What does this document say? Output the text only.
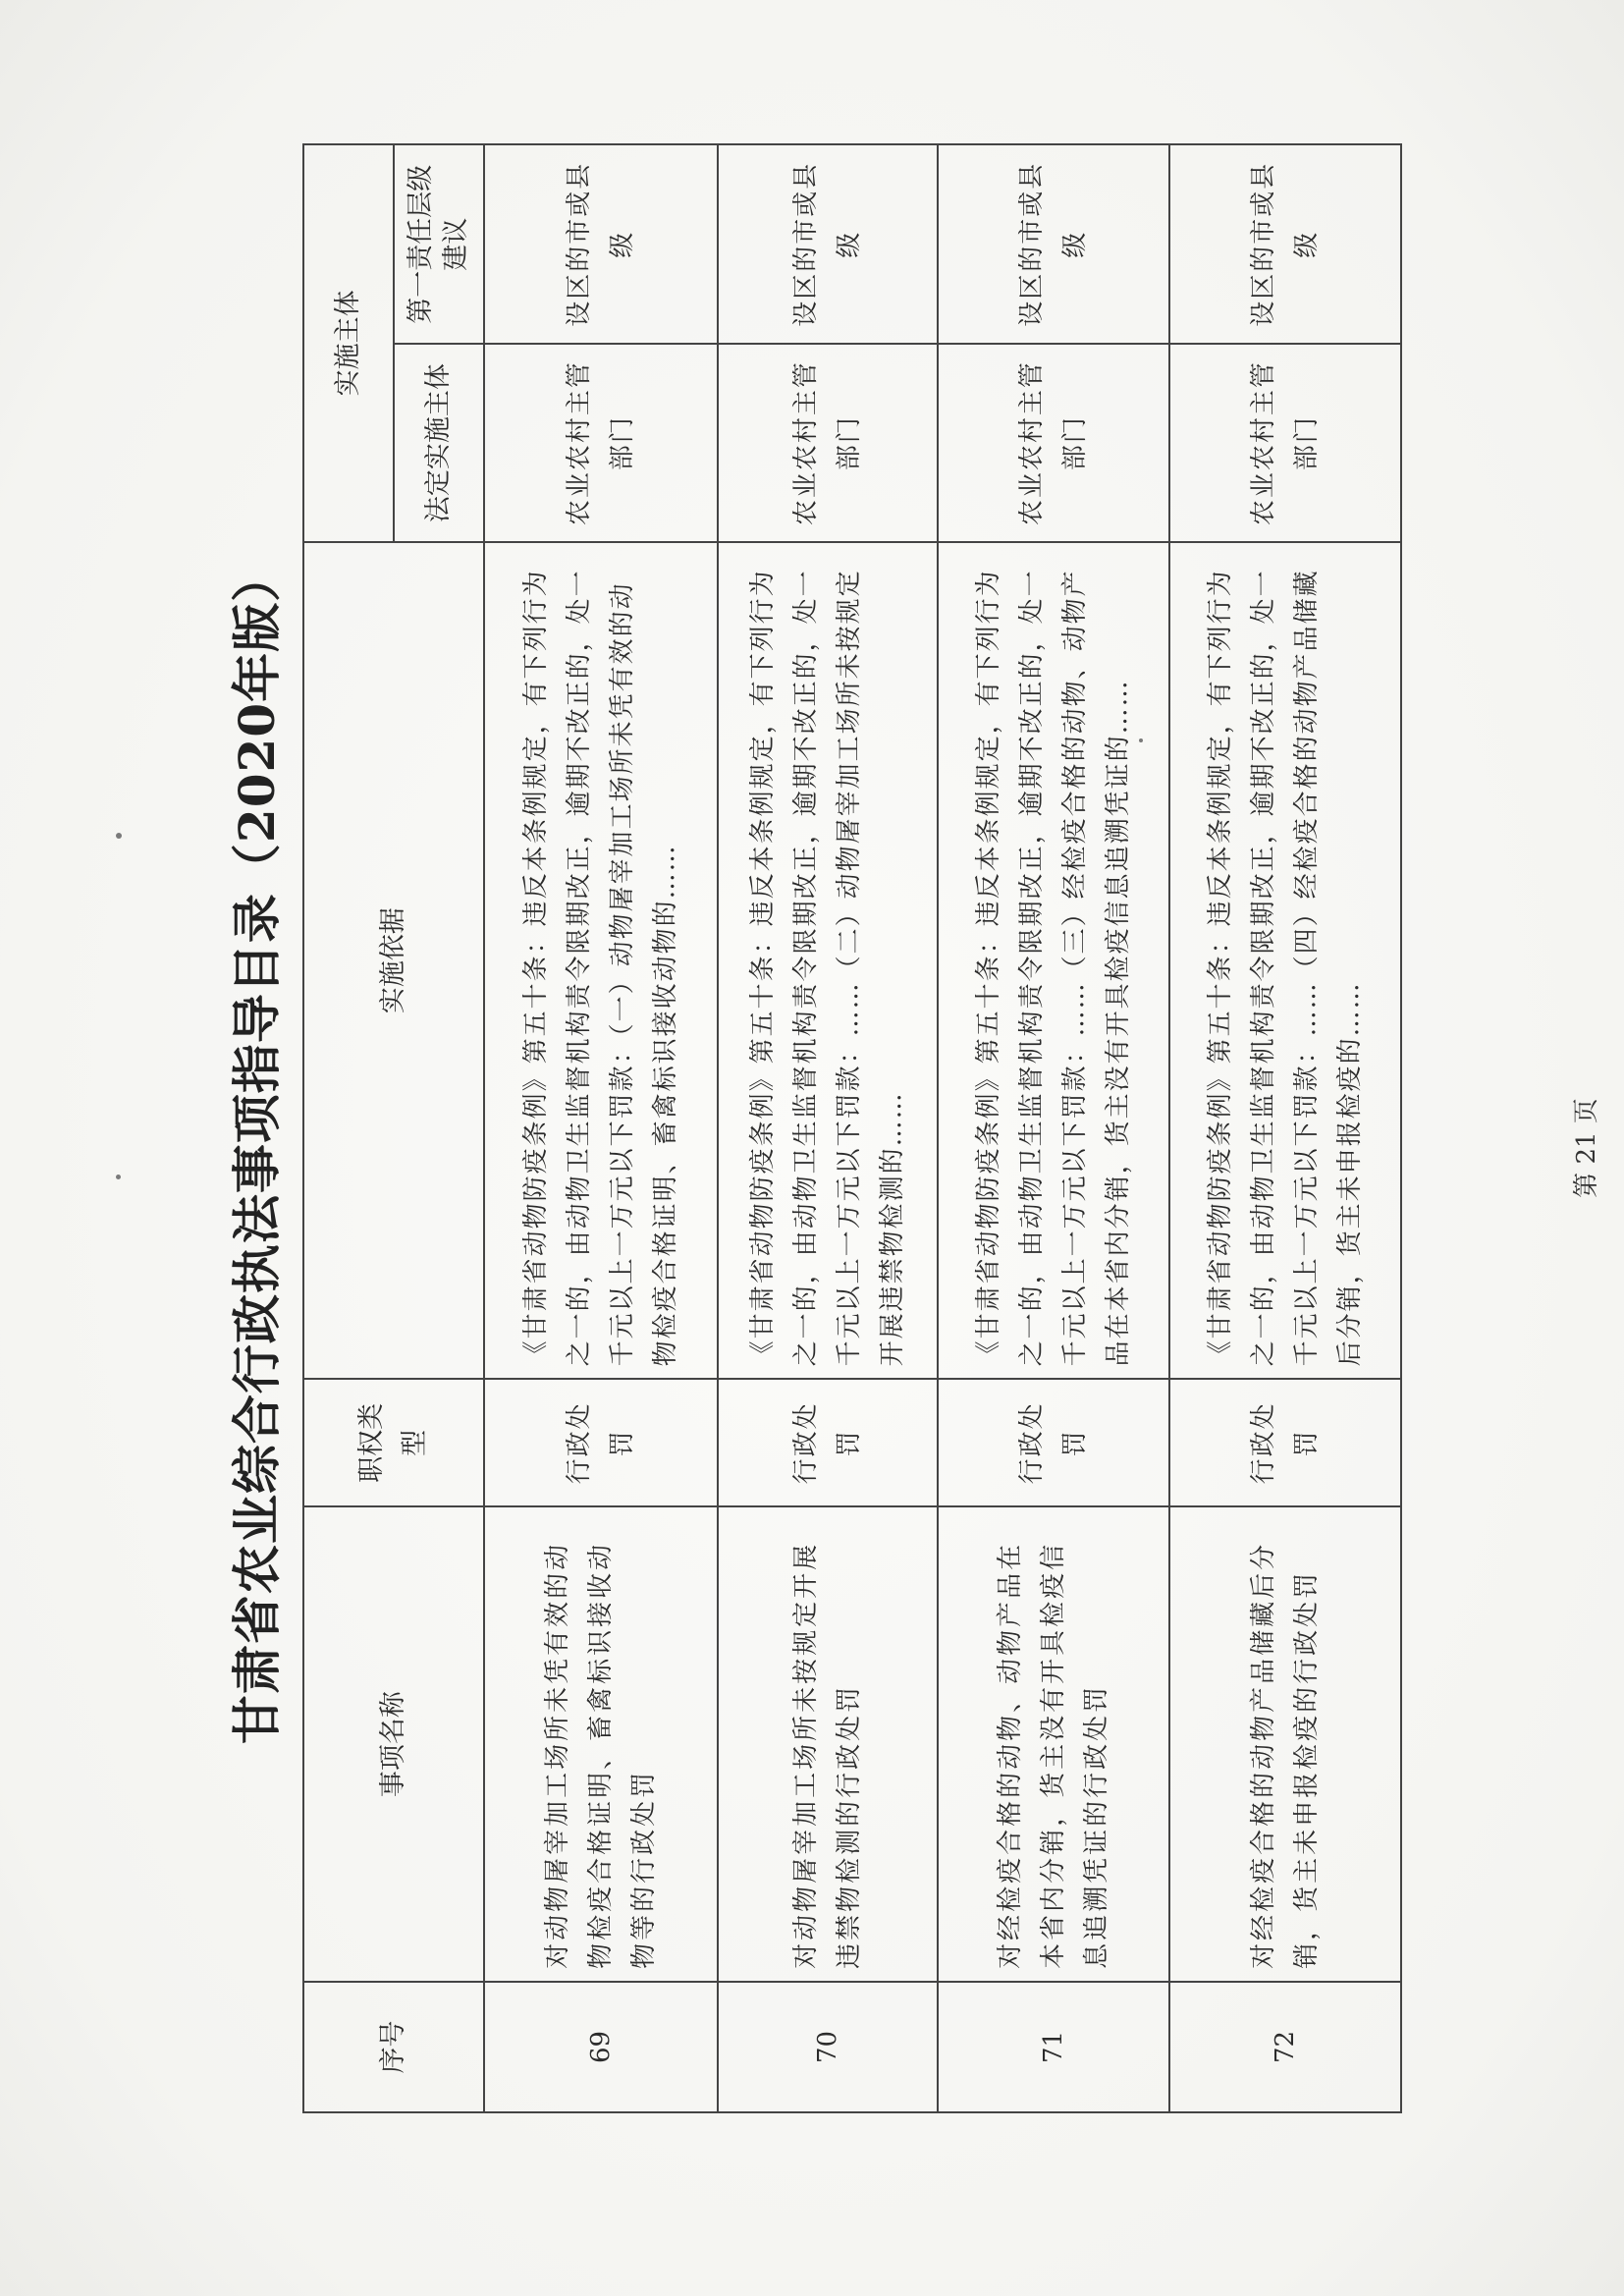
甘肃省农业综合行政执法事项指导目录（2020年版）
序号	事项名称	职权类型	实施依据	实施主体	
				法定实施主体	第一责任层级建议
69	对动物屠宰加工场所未凭有效的动物检疫合格证明、畜禽标识接收动物等的行政处罚	行政处罚	《甘肃省动物防疫条例》第五十条：违反本条例规定，有下列行为之一的，由动物卫生监督机构责令限期改正，逾期不改正的，处一千元以上一万元以下罚款：（一）动物屠宰加工场所未凭有效的动物检疫合格证明、畜禽标识接收动物的……	农业农村主管部门	设区的市或县级
70	对动物屠宰加工场所未按规定开展违禁物检测的行政处罚	行政处罚	《甘肃省动物防疫条例》第五十条：违反本条例规定，有下列行为之一的，由动物卫生监督机构责令限期改正，逾期不改正的，处一千元以上一万元以下罚款：……（二）动物屠宰加工场所未按规定开展违禁物检测的……	农业农村主管部门	设区的市或县级
71	对经检疫合格的动物、动物产品在本省内分销，货主没有开具检疫信息追溯凭证的行政处罚	行政处罚	《甘肃省动物防疫条例》第五十条：违反本条例规定，有下列行为之一的，由动物卫生监督机构责令限期改正，逾期不改正的，处一千元以上一万元以下罚款：……（三）经检疫合格的动物、动物产品在本省内分销，货主没有开具检疫信息追溯凭证的……	农业农村主管部门	设区的市或县级
72	对经检疫合格的动物产品储藏后分销，货主未申报检疫的行政处罚	行政处罚	《甘肃省动物防疫条例》第五十条：违反本条例规定，有下列行为之一的，由动物卫生监督机构责令限期改正，逾期不改正的，处一千元以上一万元以下罚款：……（四）经检疫合格的动物产品储藏后分销，货主未申报检疫的……	农业农村主管部门	设区的市或县级
第 21 页
